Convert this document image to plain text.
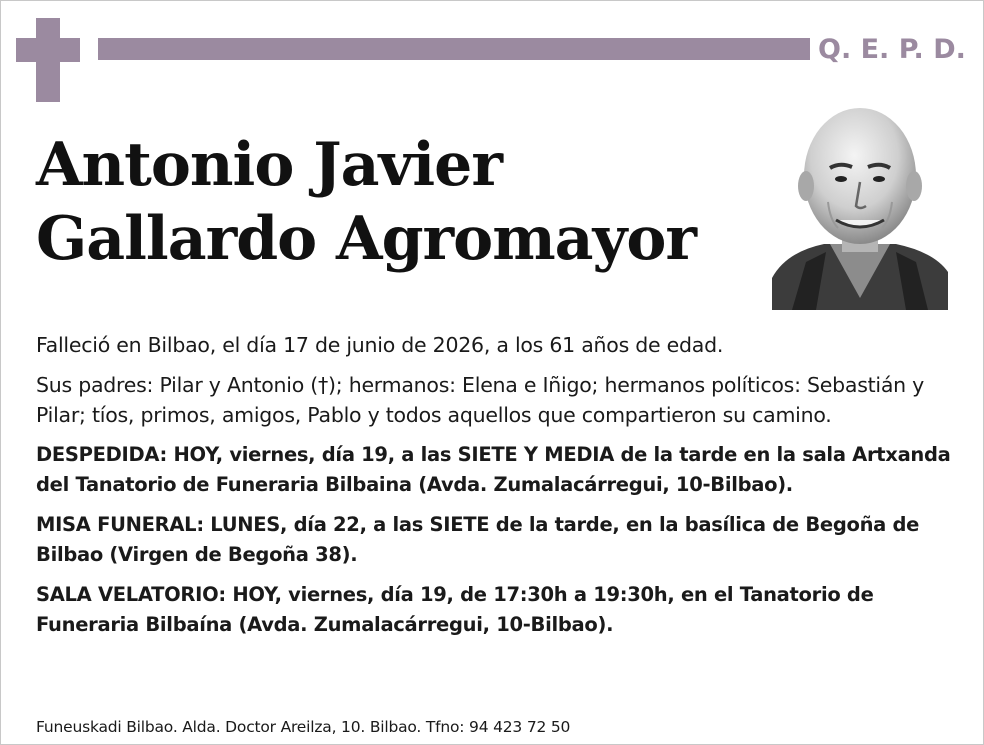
Q. E. P. D.
Antonio Javier
Gallardo Agromayor

Falleció en Bilbao, el día 17 de junio de 2026, a los 61 años de edad.

Sus padres: Pilar y Antonio (†); hermanos: Elena e Iñigo; hermanos políticos: Sebastián y Pilar; tíos, primos, amigos, Pablo y todos aquellos que compartieron su camino.

DESPEDIDA: HOY, viernes, día 19, a las SIETE Y MEDIA de la tarde en la sala Artxanda del Tanatorio de Funeraria Bilbaina (Avda. Zumalacárregui, 10-Bilbao).

MISA FUNERAL: LUNES, día 22, a las SIETE de la tarde, en la basílica de Begoña de Bilbao (Virgen de Begoña 38).

SALA VELATORIO: HOY, viernes, día 19, de 17:30h a 19:30h, en el Tanatorio de Funeraria Bilbaína (Avda. Zumalacárregui, 10-Bilbao).

Funeuskadi Bilbao. Alda. Doctor Areilza, 10. Bilbao. Tfno: 94 423 72 50
